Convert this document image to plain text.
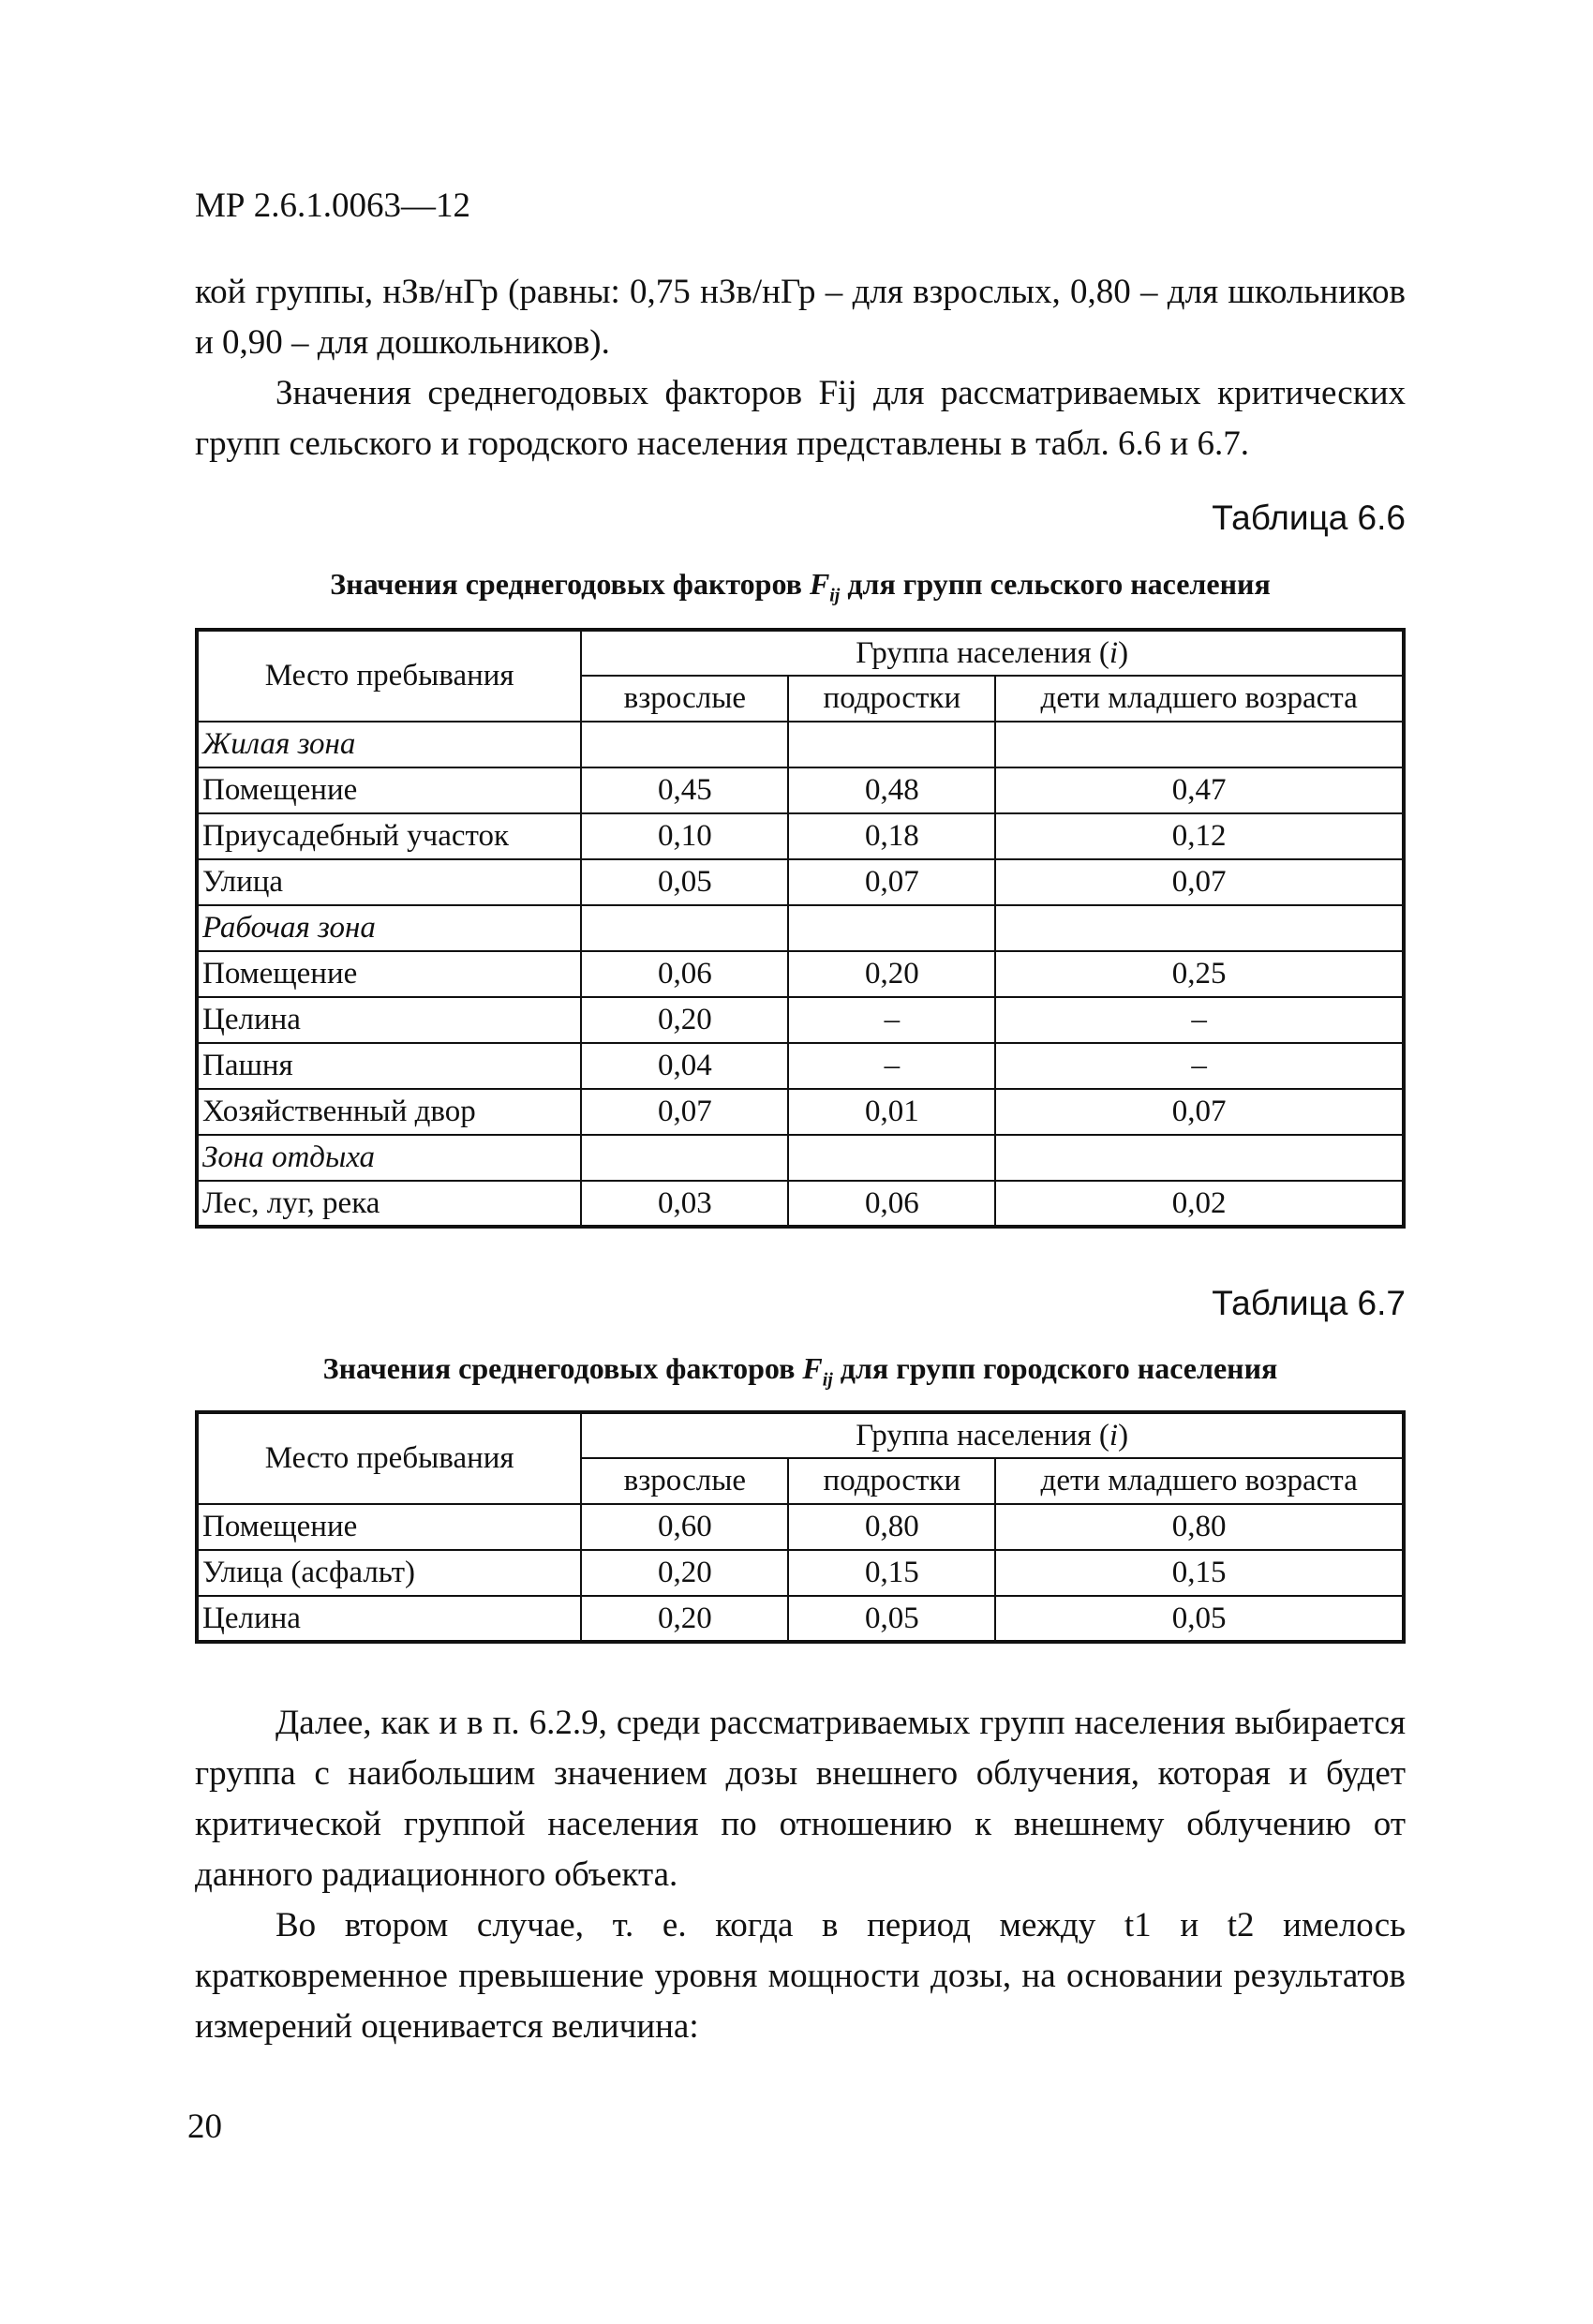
МР 2.6.1.0063—12

кой группы, нЗв/нГр (равны: 0,75 нЗв/нГр – для взрослых, 0,80 – для школьников и 0,90 – для дошкольников).

Значения среднегодовых факторов Fij для рассматриваемых критических групп сельского и городского населения представлены в табл. 6.6 и 6.7.

Таблица 6.6
Значения среднегодовых факторов $F_{ij}$ для групп сельского населения
Место пребывания	Группа населения (i)		
	взрослые	подростки	дети младшего возраста
Жилая зона			
Помещение	0,45	0,48	0,47
Приусадебный участок	0,10	0,18	0,12
Улица	0,05	0,07	0,07
Рабочая зона			
Помещение	0,06	0,20	0,25
Целина	0,20	–	–
Пашня	0,04	–	–
Хозяйственный двор	0,07	0,01	0,07
Зона отдыха			
Лес, луг, река	0,03	0,06	0,02
Таблица 6.7
Значения среднегодовых факторов $F_{ij}$ для групп городского населения
Место пребывания	Группа населения (i)		
	взрослые	подростки	дети младшего возраста
Помещение	0,60	0,80	0,80
Улица (асфальт)	0,20	0,15	0,15
Целина	0,20	0,05	0,05

Далее, как и в п. 6.2.9, среди рассматриваемых групп населения выбирается группа с наибольшим значением дозы внешнего облучения, которая и будет критической группой населения по отношению к внешнему облучению от данного радиационного объекта.

Во втором случае, т. е. когда в период между t1 и t2 имелось кратковременное превышение уровня мощности дозы, на основании результатов измерений оценивается величина:

20
